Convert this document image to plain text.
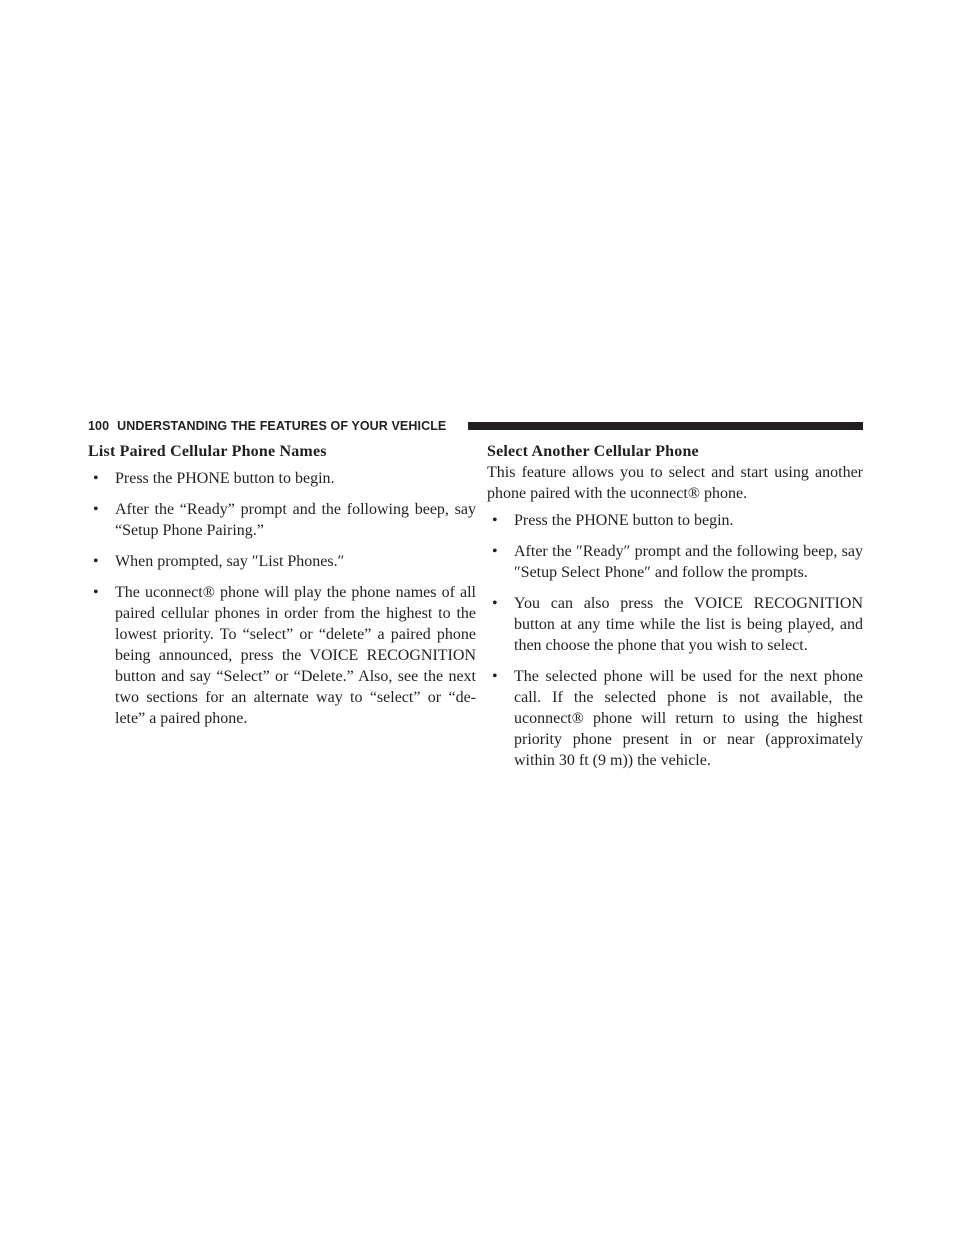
100 UNDERSTANDING THE FEATURES OF YOUR VEHICLE
List Paired Cellular Phone Names
• Press the PHONE button to begin.
• After the “Ready” prompt and the following beep, say “Setup Phone Pairing.”
• When prompted, say ″List Phones.″
• The uconnect® phone will play the phone names of all paired cellular phones in order from the highest to the lowest priority. To “select” or “delete” a paired phone being announced, press the VOICE RECOGNITION button and say “Select” or “Delete.” Also, see the next two sections for an alternate way to “select” or “de-lete” a paired phone.
Select Another Cellular Phone

This feature allows you to select and start using another phone paired with the uconnect® phone.

• Press the PHONE button to begin.
• After the ″Ready″ prompt and the following beep, say ″Setup Select Phone″ and follow the prompts.
• You can also press the VOICE RECOGNITION button at any time while the list is being played, and then choose the phone that you wish to select.
• The selected phone will be used for the next phone call. If the selected phone is not available, the uconnect® phone will return to using the highest priority phone present in or near (approximately within 30 ft (9 m)) the vehicle.
